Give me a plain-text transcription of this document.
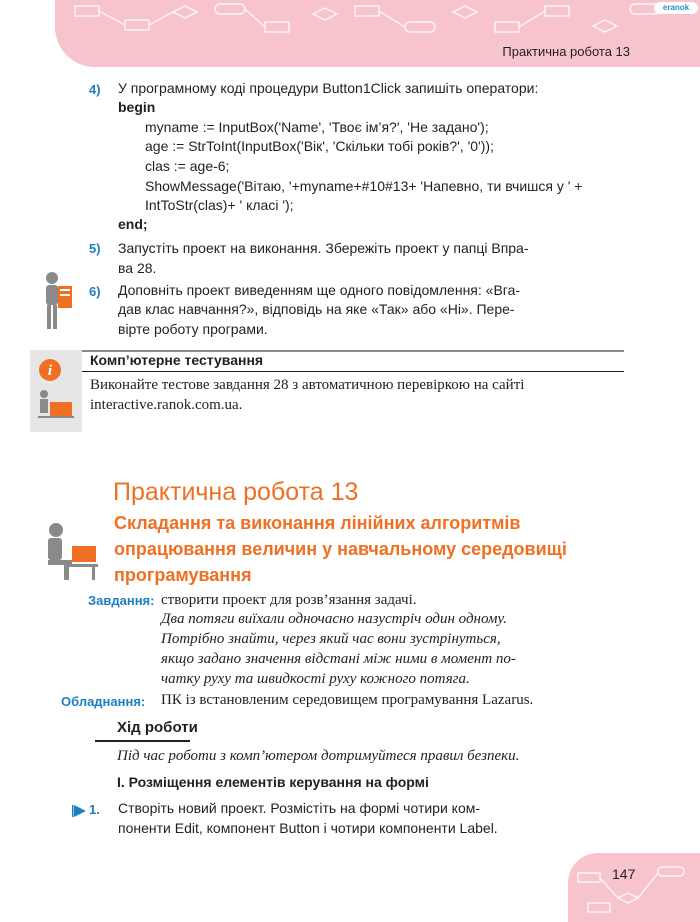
eranok
Практична робота 13
4) У програмному коді процедури Button1Click запишіть оператори:
begin
myname := InputBox('Name', 'Твоє ім’я?', 'Не задано');
age := StrToInt(InputBox('Вік', 'Скільки тобі років?', '0'));
clas := age-6;
ShowMessage('Вітаю, '+myname+#10#13+ 'Напевно, ти вчишся у ' +
IntToStr(clas)+ ' класі ');
end;
5) Запустіть проект на виконання. Збережіть проект у папці Впра-
ва 28.
6) Доповніть проект виведенням ще одного повідомлення: «Вга-
дав клас навчання?», відповідь на яке «Так» або «Ні». Пере-
вірте роботу програми.
i
Комп’ютерне тестування
Виконайте тестове завдання 28 з автоматичною перевіркою на сайті
interactive.ranok.com.ua.
Практична робота 13
Складання та виконання лінійних алгоритмів
опрацювання величин у навчальному середовищі
програмування
Завдання: створити проект для розв’язання задачі.
Два потяги виїхали одночасно назустріч один одному.
Потрібно знайти, через який час вони зустрінуться,
якщо задано значення відстані між ними в момент по-
чатку руху та швидкості руху кожного потяга.
Обладнання: ПК із встановленим середовищем програмування Lazarus.
Хід роботи
Під час роботи з комп’ютером дотримуйтеся правил безпеки.
I. Розміщення елементів керування на формі
1. Створіть новий проект. Розмістіть на формі чотири ком-
поненти Edit, компонент Button і чотири компоненти Label.
147
